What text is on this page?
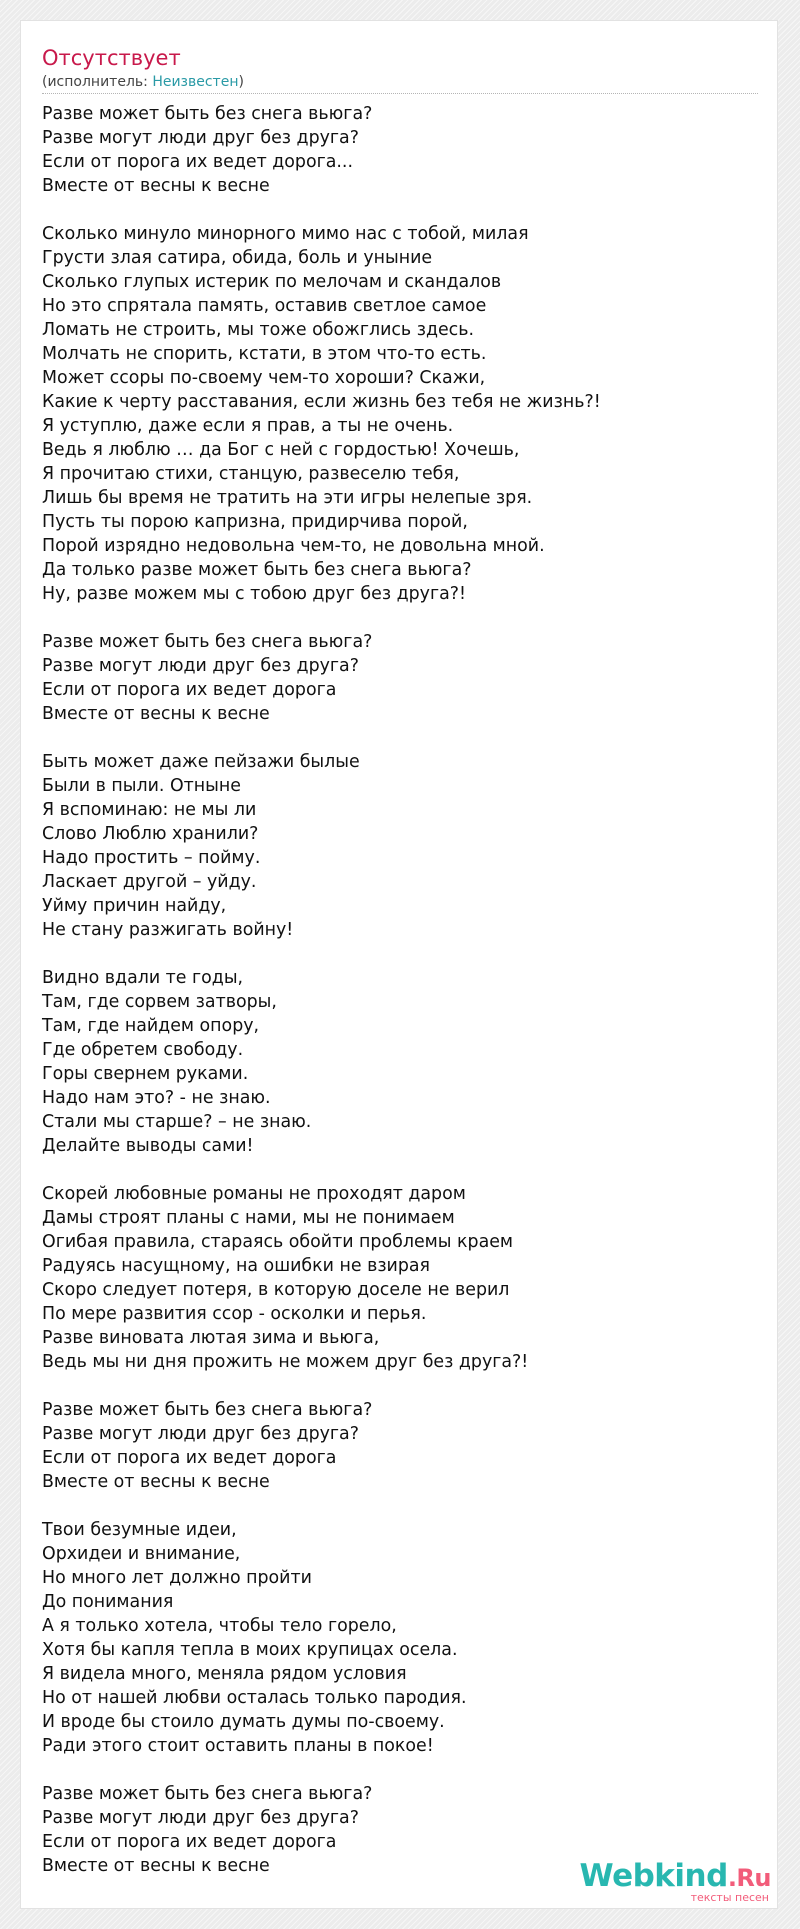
Отсутствует
(исполнитель: Неизвестен)
Разве может быть без снега вьюга?
Разве могут люди друг без друга?
Если от порога их ведет дорога...
Вместе от весны к весне
Сколько минуло минорного мимо нас с тобой, милая
Грусти злая сатира, обида, боль и уныние
Сколько глупых истерик по мелочам и скандалов
Но это спрятала память, оставив светлое самое
Ломать не строить, мы тоже обожглись здесь.
Молчать не спорить, кстати, в этом что-то есть.
Может ссоры по-своему чем-то хороши? Скажи,
Какие к черту расставания, если жизнь без тебя не жизнь?!
Я уступлю, даже если я прав, а ты не очень.
Ведь я люблю … да Бог с ней с гордостью! Хочешь,
Я прочитаю стихи, станцую, развеселю тебя,
Лишь бы время не тратить на эти игры нелепые зря.
Пусть ты порою капризна, придирчива порой,
Порой изрядно недовольна чем-то, не довольна мной.
Да только разве может быть без снега вьюга?
Ну, разве можем мы с тобою друг без друга?!
Разве может быть без снега вьюга?
Разве могут люди друг без друга?
Если от порога их ведет дорога
Вместе от весны к весне
Быть может даже пейзажи былые
Были в пыли. Отныне
Я вспоминаю: не мы ли
Слово Люблю хранили?
Надо простить – пойму.
Ласкает другой – уйду.
Уйму причин найду,
Не стану разжигать войну!
Видно вдали те годы,
Там, где сорвем затворы,
Там, где найдем опору,
Где обретем свободу.
Горы свернем руками.
Надо нам это? - не знаю.
Стали мы старше? – не знаю.
Делайте выводы сами!
Скорей любовные романы не проходят даром
Дамы строят планы с нами, мы не понимаем
Огибая правила, стараясь обойти проблемы краем
Радуясь насущному, на ошибки не взирая
Скоро следует потеря, в которую доселе не верил
По мере развития ссор - осколки и перья.
Разве виновата лютая зима и вьюга,
Ведь мы ни дня прожить не можем друг без друга?!
Разве может быть без снега вьюга?
Разве могут люди друг без друга?
Если от порога их ведет дорога
Вместе от весны к весне
Твои безумные идеи,
Орхидеи и внимание,
Но много лет должно пройти
До понимания
А я только хотела, чтобы тело горело,
Хотя бы капля тепла в моих крупицах осела.
Я видела много, меняла рядом условия
Но от нашей любви осталась только пародия.
И вроде бы стоило думать думы по-своему.
Ради этого стоит оставить планы в покое!
Разве может быть без снега вьюга?
Разве могут люди друг без друга?
Если от порога их ведет дорога
Вместе от весны к весне	Webkind.Ru
тексты песен
